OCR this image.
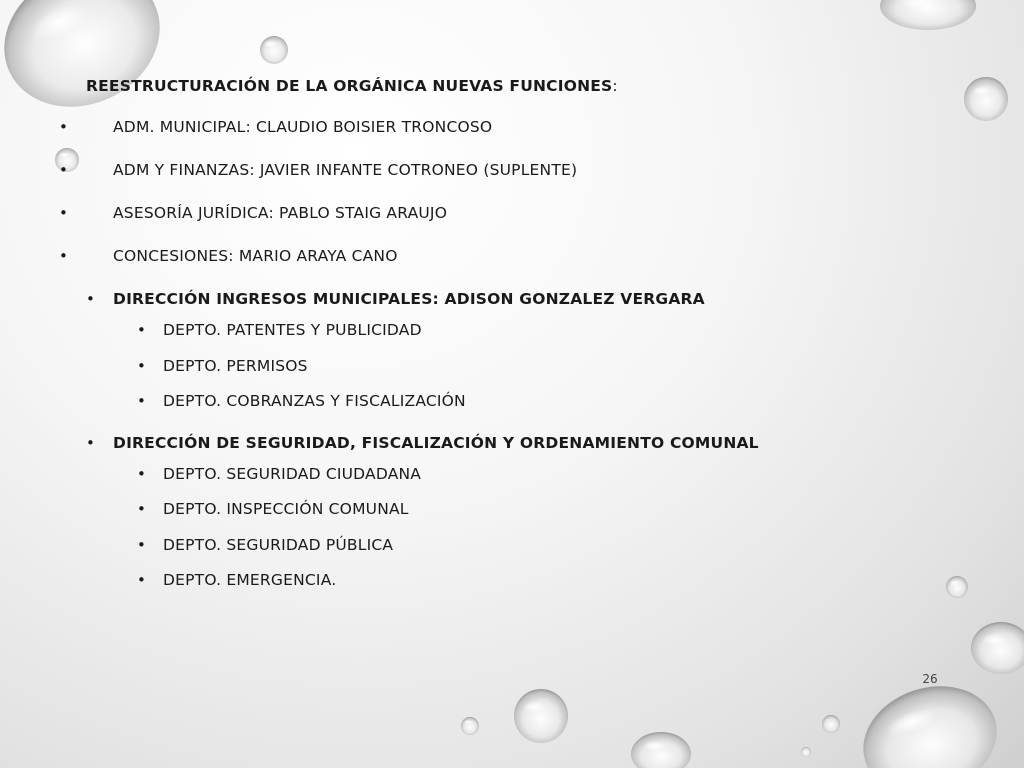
REESTRUCTURACIÓN DE LA ORGÁNICA NUEVAS FUNCIONES:

•	ADM. MUNICIPAL: CLAUDIO BOISIER TRONCOSO
•	ADM Y FINANZAS: JAVIER INFANTE COTRONEO (SUPLENTE)
•	ASESORÍA JURÍDICA: PABLO STAIG ARAUJO
•	CONCESIONES: MARIO ARAYA CANO
•	DIRECCIÓN INGRESOS MUNICIPALES: ADISON GONZALEZ VERGARA
•	DEPTO. PATENTES Y PUBLICIDAD
•	DEPTO. PERMISOS
•	DEPTO. COBRANZAS Y FISCALIZACIÓN
•	DIRECCIÓN DE SEGURIDAD, FISCALIZACIÓN Y ORDENAMIENTO COMUNAL
•	DEPTO. SEGURIDAD CIUDADANA
•	DEPTO. INSPECCIÓN COMUNAL
•	DEPTO. SEGURIDAD PÚBLICA
•	DEPTO. EMERGENCIA.
26
